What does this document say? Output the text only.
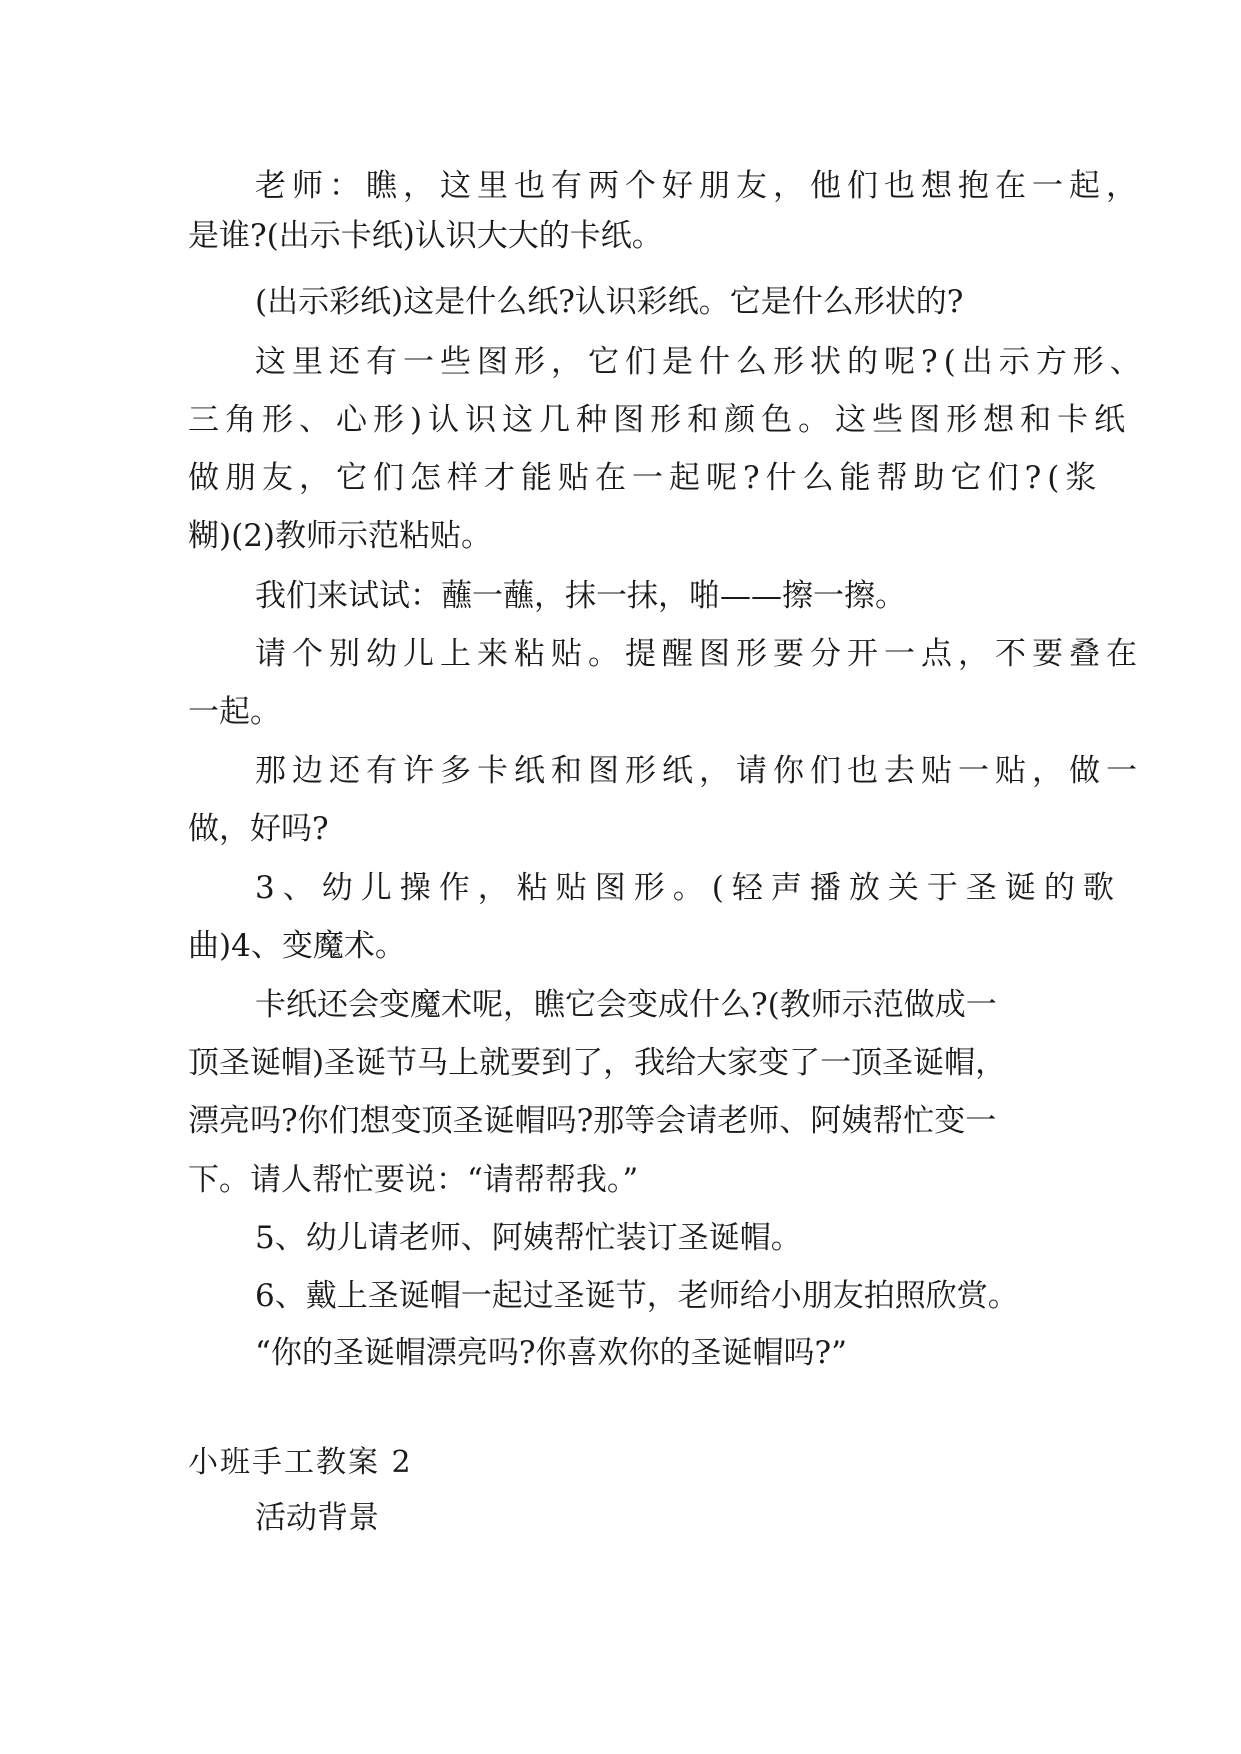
老师：瞧，这里也有两个好朋友，他们也想抱在一起，
是谁?(出示卡纸)认识大大的卡纸。
(出示彩纸)这是什么纸?认识彩纸。它是什么形状的?
这里还有一些图形，它们是什么形状的呢?(出示方形、
三角形、心形)认识这几种图形和颜色。这些图形想和卡纸
做朋友，它们怎样才能贴在一起呢?什么能帮助它们?(浆
糊)(2)教师示范粘贴。
我们来试试：蘸一蘸，抹一抹，啪——擦一擦。
请个别幼儿上来粘贴。提醒图形要分开一点，不要叠在
一起。
那边还有许多卡纸和图形纸，请你们也去贴一贴，做一
做，好吗?
3、幼儿操作，粘贴图形。(轻声播放关于圣诞的歌
曲)4、变魔术。
卡纸还会变魔术呢，瞧它会变成什么?(教师示范做成一
顶圣诞帽)圣诞节马上就要到了，我给大家变了一顶圣诞帽，
漂亮吗?你们想变顶圣诞帽吗?那等会请老师、阿姨帮忙变一
下。请人帮忙要说：“请帮帮我。”
5、幼儿请老师、阿姨帮忙装订圣诞帽。
6、戴上圣诞帽一起过圣诞节，老师给小朋友拍照欣赏。
“你的圣诞帽漂亮吗?你喜欢你的圣诞帽吗?”
小班手工教案 2
活动背景
